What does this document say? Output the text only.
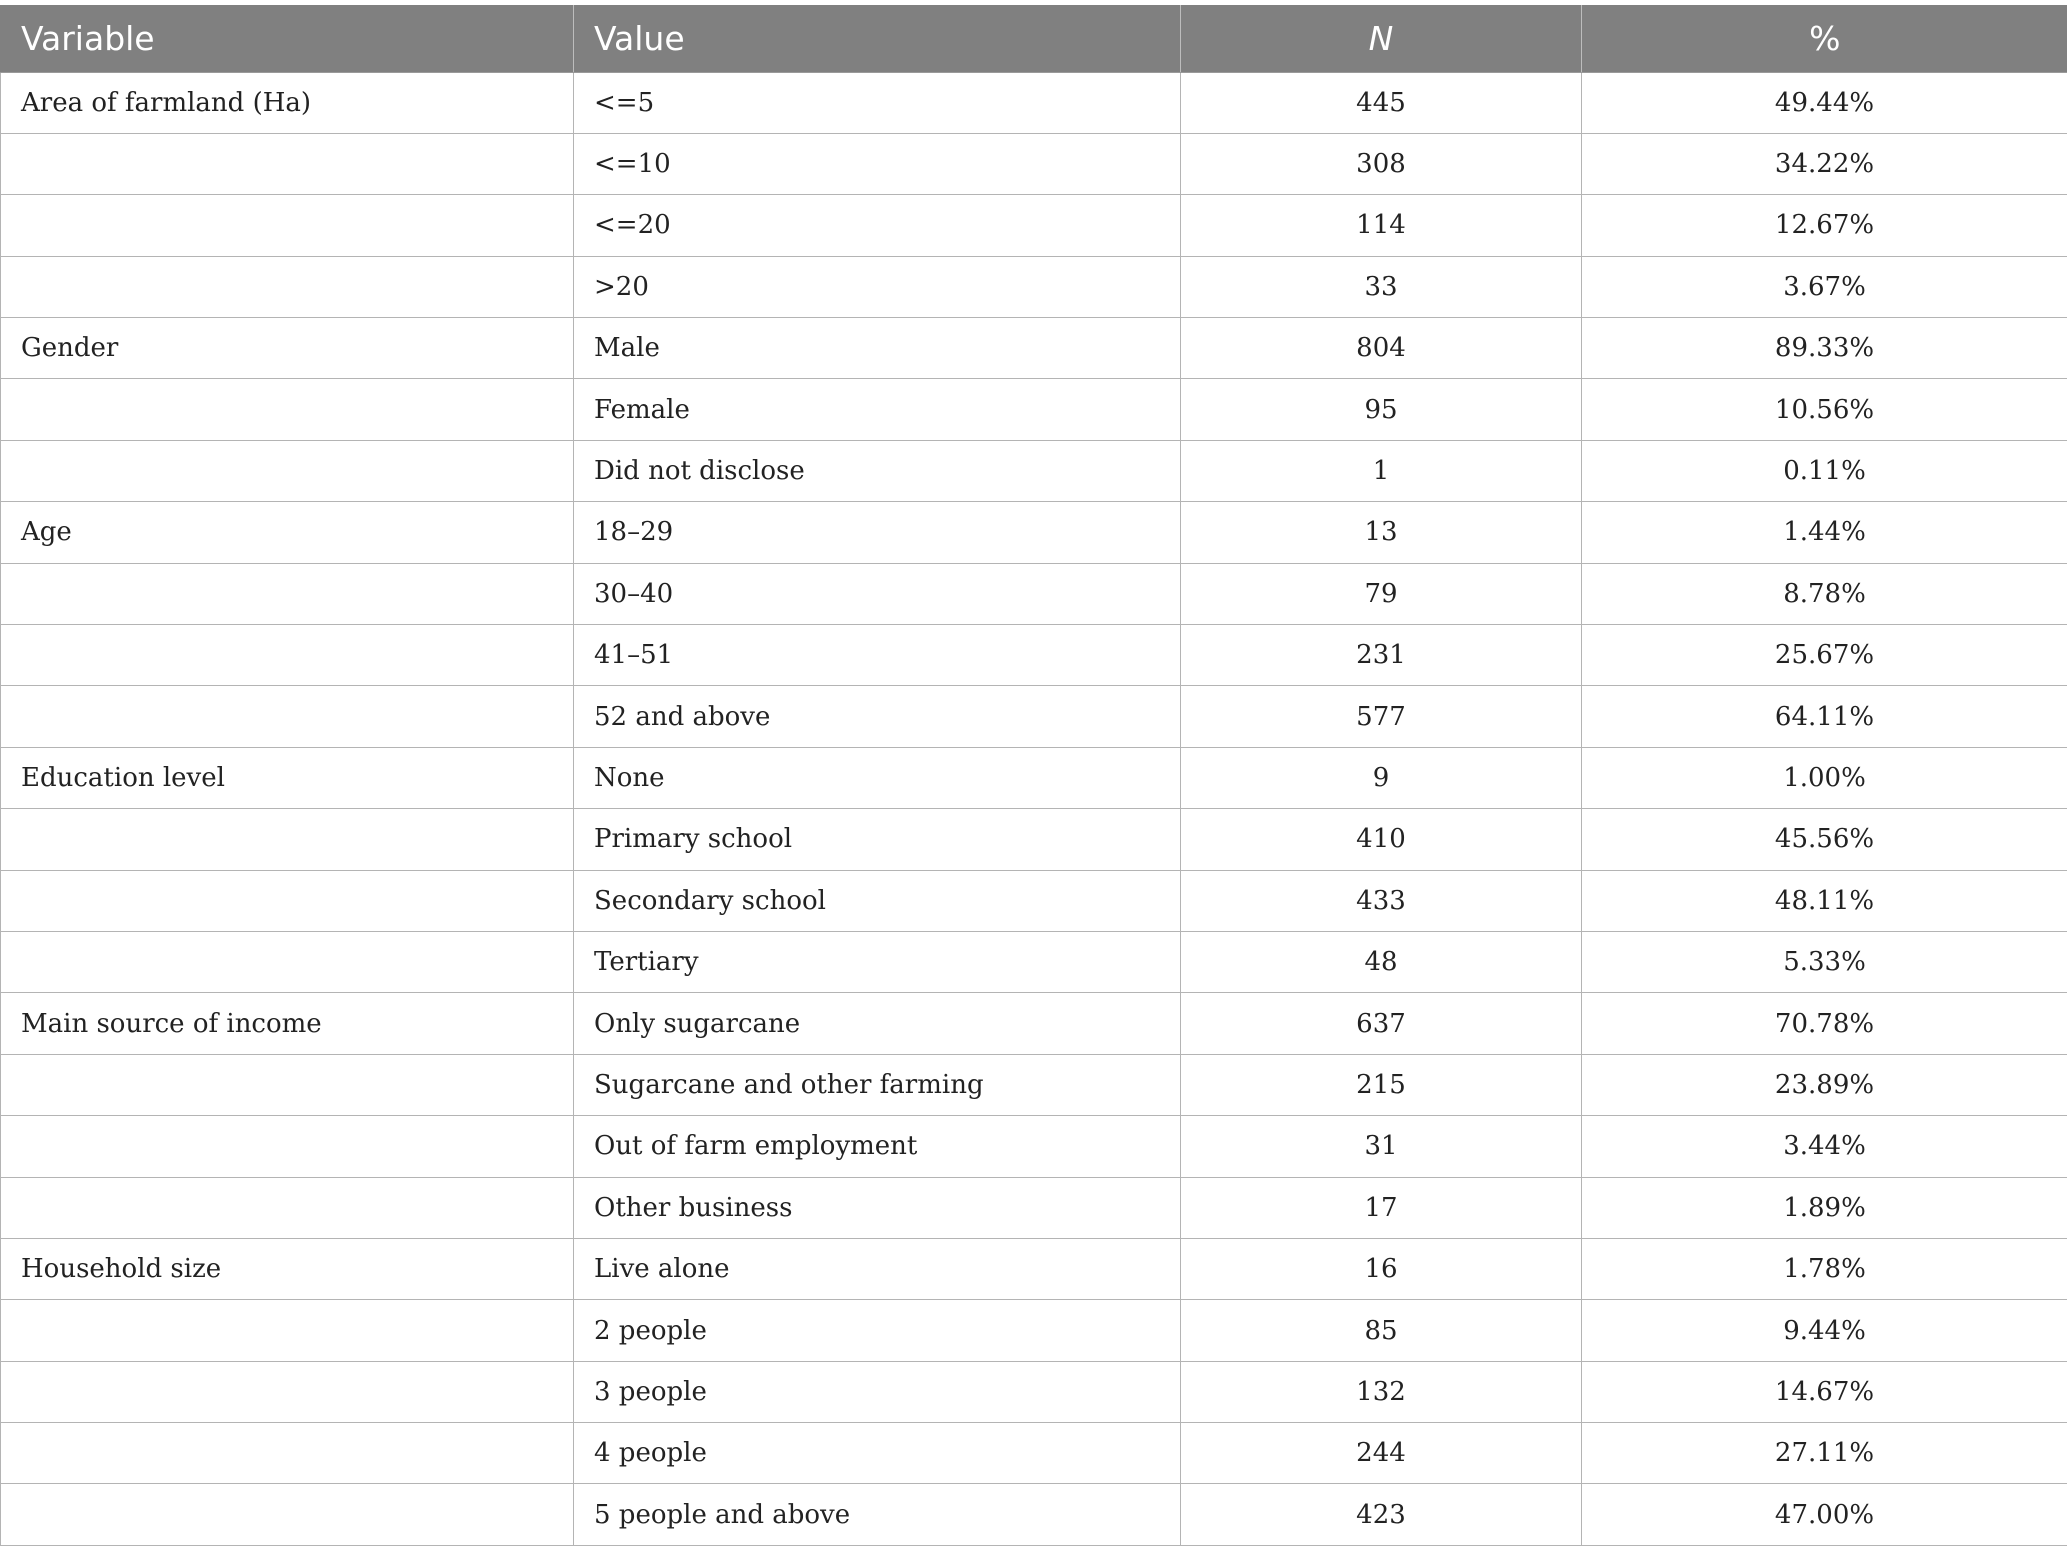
Variable	Value	N	%
Area of farmland (Ha)	<=5	445	49.44%
	<=10	308	34.22%
	<=20	114	12.67%
	>20	33	3.67%
Gender	Male	804	89.33%
	Female	95	10.56%
	Did not disclose	1	0.11%
Age	18–29	13	1.44%
	30–40	79	8.78%
	41–51	231	25.67%
	52 and above	577	64.11%
Education level	None	9	1.00%
	Primary school	410	45.56%
	Secondary school	433	48.11%
	Tertiary	48	5.33%
Main source of income	Only sugarcane	637	70.78%
	Sugarcane and other farming	215	23.89%
	Out of farm employment	31	3.44%
	Other business	17	1.89%
Household size	Live alone	16	1.78%
	2 people	85	9.44%
	3 people	132	14.67%
	4 people	244	27.11%
	5 people and above	423	47.00%
